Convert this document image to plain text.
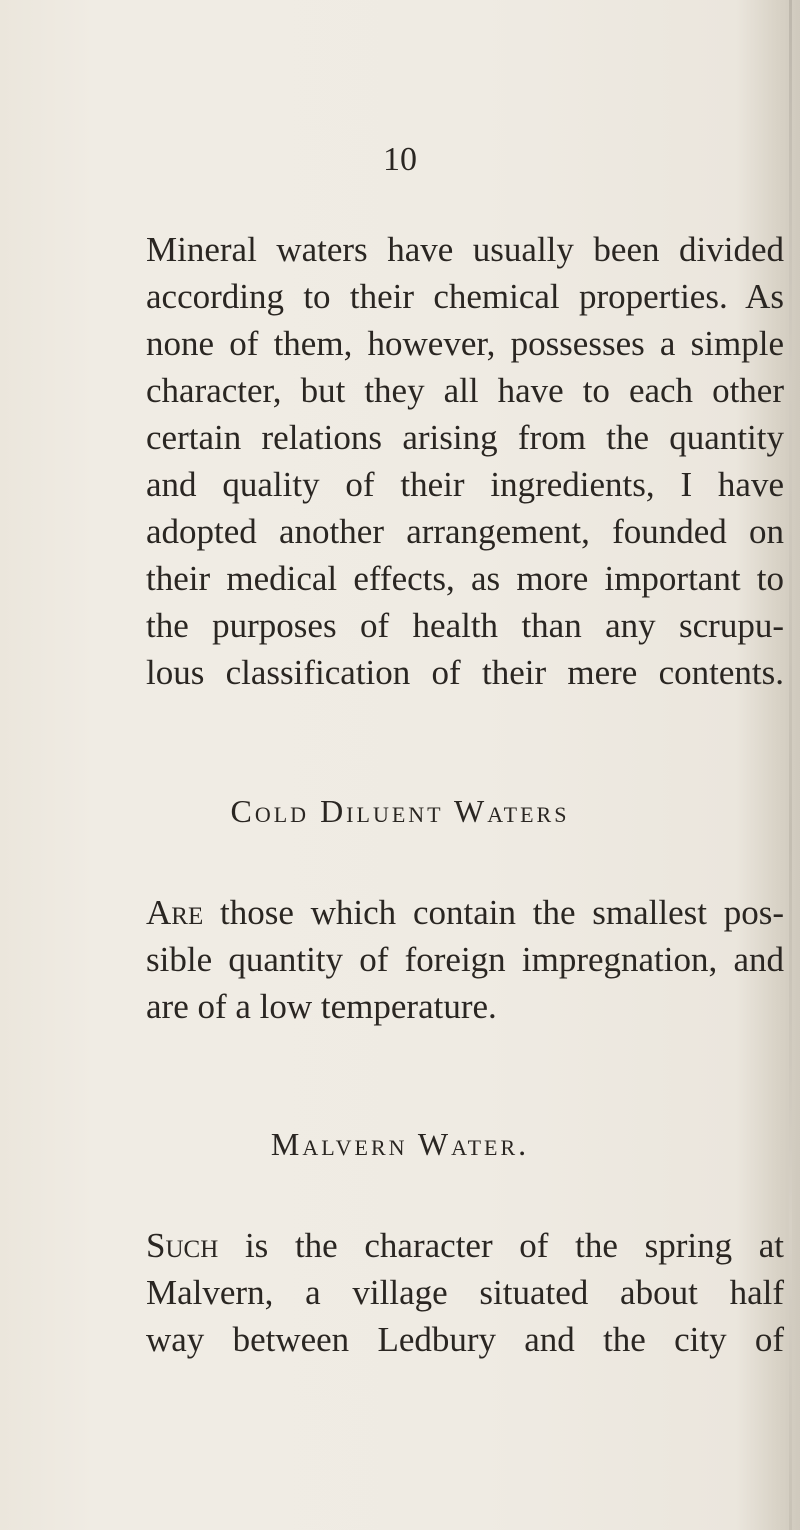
10
Mineral waters have usually been divided
according to their chemical properties. As
none of them, however, possesses a simple
character, but they all have to each other
certain relations arising from the quantity
and quality of their ingredients, I have
adopted another arrangement, founded on
their medical effects, as more important to
the purposes of health than any scrupu-
lous classification of their mere contents.
Cold Diluent Waters
Are those which contain the smallest pos-
sible quantity of foreign impregnation, and
are of a low temperature.
Malvern Water.
Such is the character of the spring at
Malvern, a village situated about half
way between Ledbury and the city of
